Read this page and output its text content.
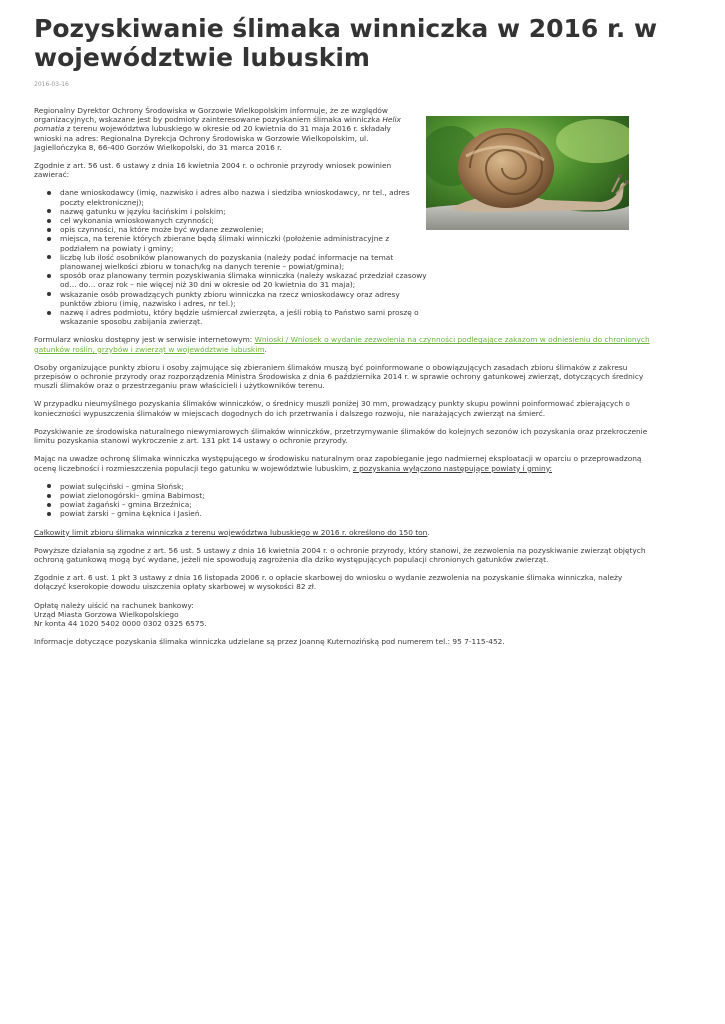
Pozyskiwanie ślimaka winniczka w 2016 r. w województwie lubuskim
2016-03-16

Regionalny Dyrektor Ochrony Środowiska w Gorzowie Wielkopolskim informuje, że ze względów organizacyjnych, wskazane jest by podmioty zainteresowane pozyskaniem ślimaka winniczka Helix pomatia z terenu województwa lubuskiego w okresie od 20 kwietnia do 31 maja 2016 r. składały wnioski na adres: Regionalna Dyrekcja Ochrony Środowiska w Gorzowie Wielkopolskim, ul. Jagiellończyka 8, 66-400 Gorzów Wielkopolski, do 31 marca 2016 r.

Zgodnie z art. 56 ust. 6 ustawy z dnia 16 kwietnia 2004 r. o ochronie przyrody wniosek powinien zawierać:

dane wnioskodawcy (imię, nazwisko i adres albo nazwa i siedziba wnioskodawcy, nr tel., adres poczty elektronicznej);
nazwę gatunku w języku łacińskim i polskim;
cel wykonania wnioskowanych czynności;
opis czynności, na które może być wydane zezwolenie;
miejsca, na terenie których zbierane będą ślimaki winniczki (położenie administracyjne z podziałem na powiaty i gminy;
liczbę lub ilość osobników planowanych do pozyskania (należy podać informacje na temat planowanej wielkości zbioru w tonach/kg na danych terenie – powiat/gmina);
sposób oraz planowany termin pozyskiwania ślimaka winniczka (należy wskazać przedział czasowy od… do… oraz rok – nie więcej niż 30 dni w okresie od 20 kwietnia do 31 maja);
wskazanie osób prowadzących punkty zbioru winniczka na rzecz wnioskodawcy oraz adresy punktów zbioru (imię, nazwisko i adres, nr tel.);
nazwę i adres podmiotu, który będzie uśmiercał zwierzęta, a jeśli robią to Państwo sami proszę o wskazanie sposobu zabijania zwierząt.

Formularz wniosku dostępny jest w serwisie internetowym: Wnioski / Wniosek o wydanie zezwolenia na czynności podlegające zakazom w odniesieniu do chronionych gatunków roślin, grzybów i zwierząt w województwie lubuskim.

Osoby organizujące punkty zbioru i osoby zajmujące się zbieraniem ślimaków muszą być poinformowane o obowiązujących zasadach zbioru ślimaków z zakresu przepisów o ochronie przyrody oraz rozporządzenia Ministra Środowiska z dnia 6 października 2014 r. w sprawie ochrony gatunkowej zwierząt, dotyczących średnicy muszli ślimaków oraz o przestrzeganiu praw właścicieli i użytkowników terenu.

W przypadku nieumyślnego pozyskania ślimaków winniczków, o średnicy muszli poniżej 30 mm, prowadzący punkty skupu powinni poinformować zbierających o konieczności wypuszczenia ślimaków w miejscach dogodnych do ich przetrwania i dalszego rozwoju, nie narażających zwierząt na śmierć.

Pozyskiwanie ze środowiska naturalnego niewymiarowych ślimaków winniczków, przetrzymywanie ślimaków do kolejnych sezonów ich pozyskania oraz przekroczenie limitu pozyskania stanowi wykroczenie z art. 131 pkt 14 ustawy o ochronie przyrody.

Mając na uwadze ochronę ślimaka winniczka występującego w środowisku naturalnym oraz zapobieganie jego nadmiernej eksploatacji w oparciu o przeprowadzoną ocenę liczebności i rozmieszczenia populacji tego gatunku w województwie lubuskim, z pozyskania wyłączono następujące powiaty i gminy:

powiat sulęciński – gmina Słońsk;
powiat zielonogórski– gmina Babimost;
powiat żagański – gmina Brzeźnica;
powiat żarski – gmina Łęknica i Jasień.

Całkowity limit zbioru ślimaka winniczka z terenu województwa lubuskiego w 2016 r. określono do 150 ton.

Powyższe działania są zgodne z art. 56 ust. 5 ustawy z dnia 16 kwietnia 2004 r. o ochronie przyrody, który stanowi, że zezwolenia na pozyskiwanie zwierząt objętych ochroną gatunkową mogą być wydane, jeżeli nie spowodują zagrożenia dla dziko występujących populacji chronionych gatunków zwierząt.

Zgodnie z art. 6 ust. 1 pkt 3 ustawy z dnia 16 listopada 2006 r. o opłacie skarbowej do wniosku o wydanie zezwolenia na pozyskanie ślimaka winniczka, należy dołączyć kserokopie dowodu uiszczenia opłaty skarbowej w wysokości 82 zł.

Opłatę należy uiścić na rachunek bankowy:
Urząd Miasta Gorzowa Wielkopolskiego
Nr konta 44 1020 5402 0000 0302 0325 6575.

Informacje dotyczące pozyskania ślimaka winniczka udzielane są przez Joannę Kuternozińską pod numerem tel.: 95 7-115-452.
